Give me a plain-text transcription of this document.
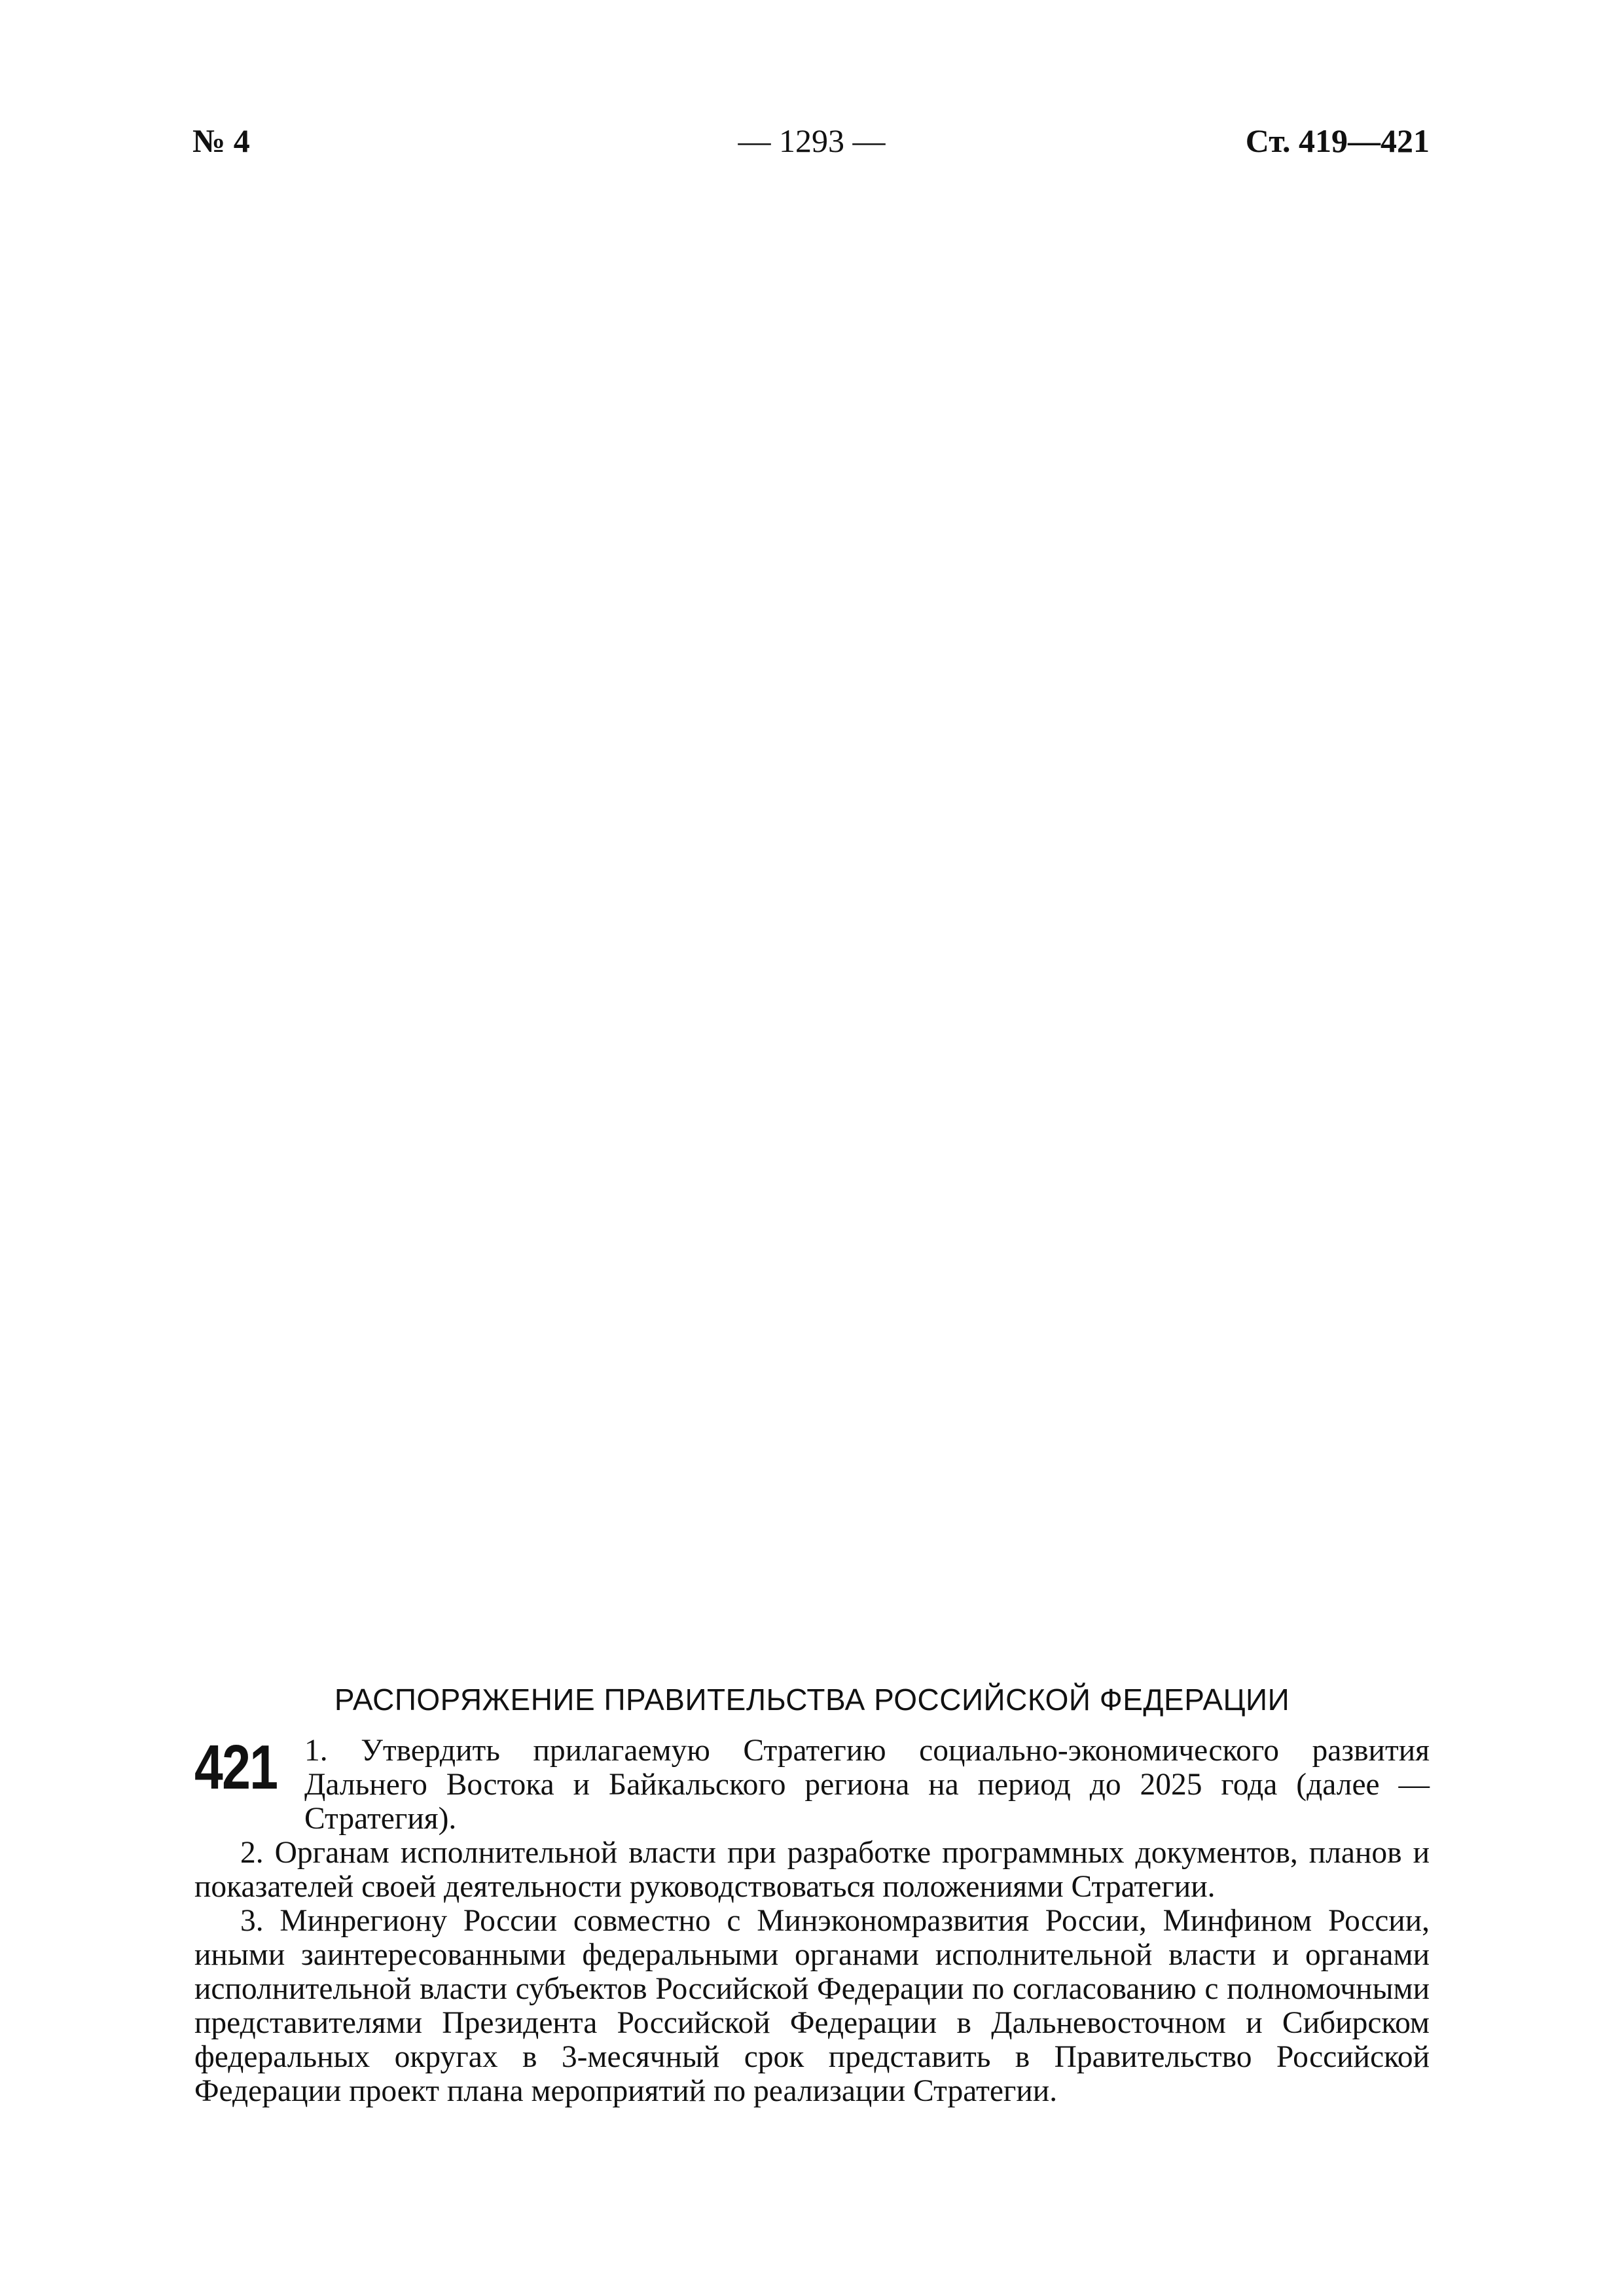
№ 4	— 1293 —	Ст. 419—421
РАСПОРЯЖЕНИЕ ПРАВИТЕЛЬСТВА РОССИЙСКОЙ ФЕДЕРАЦИИ
421 1. Утвердить прилагаемую Стратегию социально-экономического развития Дальнего Востока и Байкальского региона на период до 2025 года (далее — Стратегия).

2. Органам исполнительной власти при разработке программных документов, планов и показателей своей деятельности руководствоваться положениями Стратегии.

3. Минрегиону России совместно с Минэкономразвития России, Минфином России, иными заинтересованными федеральными органами исполнительной власти и органами исполнительной власти субъектов Российской Федерации по согласованию с полномочными представителями Президента Российской Федерации в Дальневосточном и Сибирском федеральных округах в 3-месячный срок представить в Правительство Российской Федерации проект плана мероприятий по реализации Стратегии.
